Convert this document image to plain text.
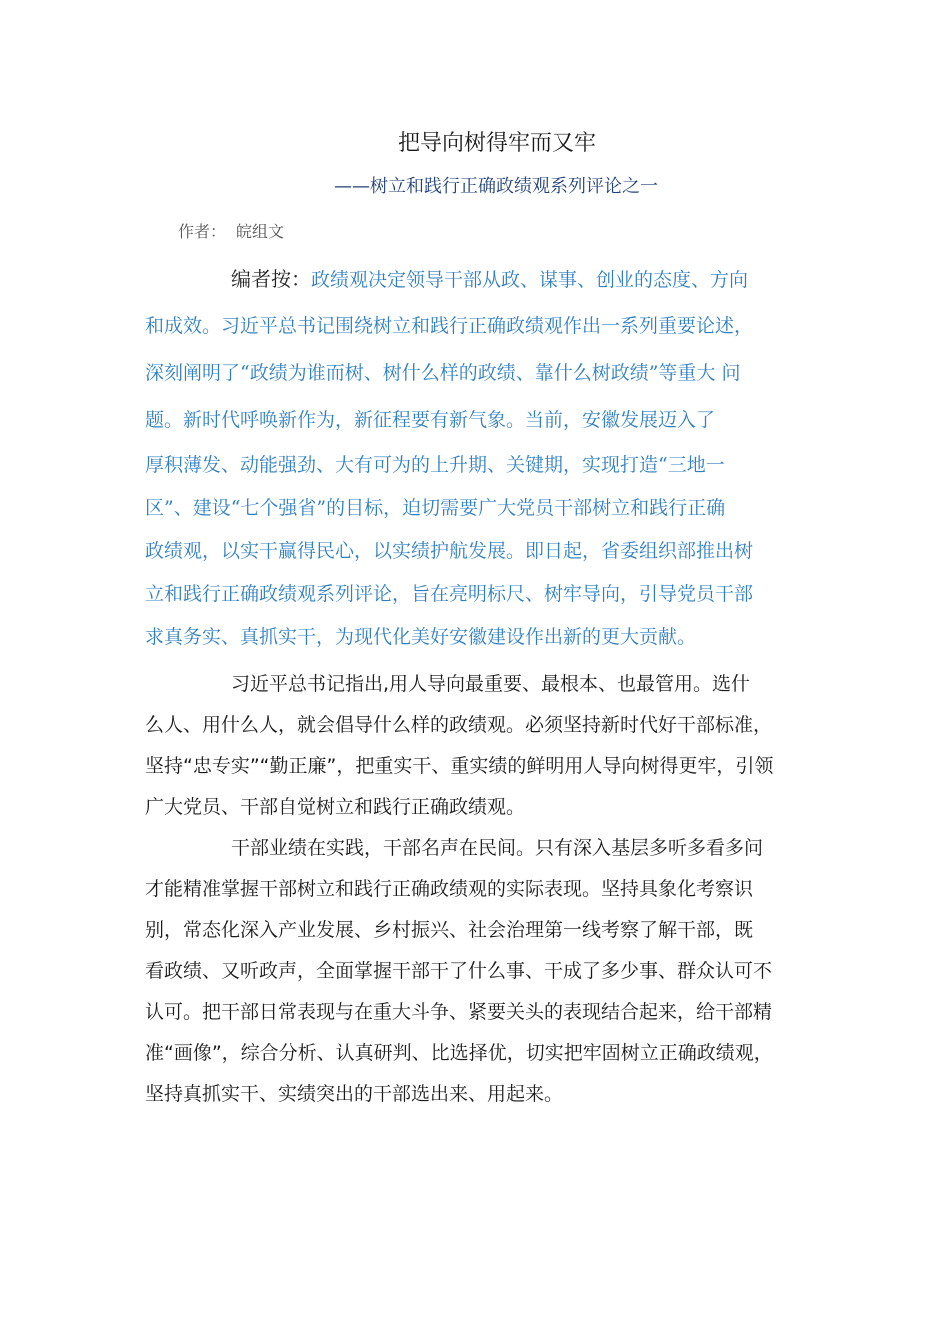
把导向树得牢而又牢
——树立和践行正确政绩观系列评论之一
作者： 皖组文
编者按：政绩观决定领导干部从政、谋事、创业的态度、方向
和成效。习近平总书记围绕树立和践行正确政绩观作出一系列重要论述，
深刻阐明了“政绩为谁而树、树什么样的政绩、靠什么树政绩”等重大 问
题。新时代呼唤新作为，新征程要有新气象。当前，安徽发展迈入了
厚积薄发、动能强劲、大有可为的上升期、关键期，实现打造“三地一
区”、建设“七个强省”的目标，迫切需要广大党员干部树立和践行正确
政绩观，以实干赢得民心，以实绩护航发展。即日起，省委组织部推出树
立和践行正确政绩观系列评论，旨在亮明标尺、树牢导向，引导党员干部
求真务实、真抓实干，为现代化美好安徽建设作出新的更大贡献。
习近平总书记指出,用人导向最重要、最根本、也最管用。选什
么人、用什么人，就会倡导什么样的政绩观。必须坚持新时代好干部标准，
坚持“忠专实”“勤正廉”，把重实干、重实绩的鲜明用人导向树得更牢，引领
广大党员、干部自觉树立和践行正确政绩观。
干部业绩在实践，干部名声在民间。只有深入基层多听多看多问
才能精准掌握干部树立和践行正确政绩观的实际表现。坚持具象化考察识
别，常态化深入产业发展、乡村振兴、社会治理第一线考察了解干部，既
看政绩、又听政声，全面掌握干部干了什么事、干成了多少事、群众认可不
认可。把干部日常表现与在重大斗争、紧要关头的表现结合起来，给干部精
准“画像”，综合分析、认真研判、比选择优，切实把牢固树立正确政绩观，
坚持真抓实干、实绩突出的干部选出来、用起来。
